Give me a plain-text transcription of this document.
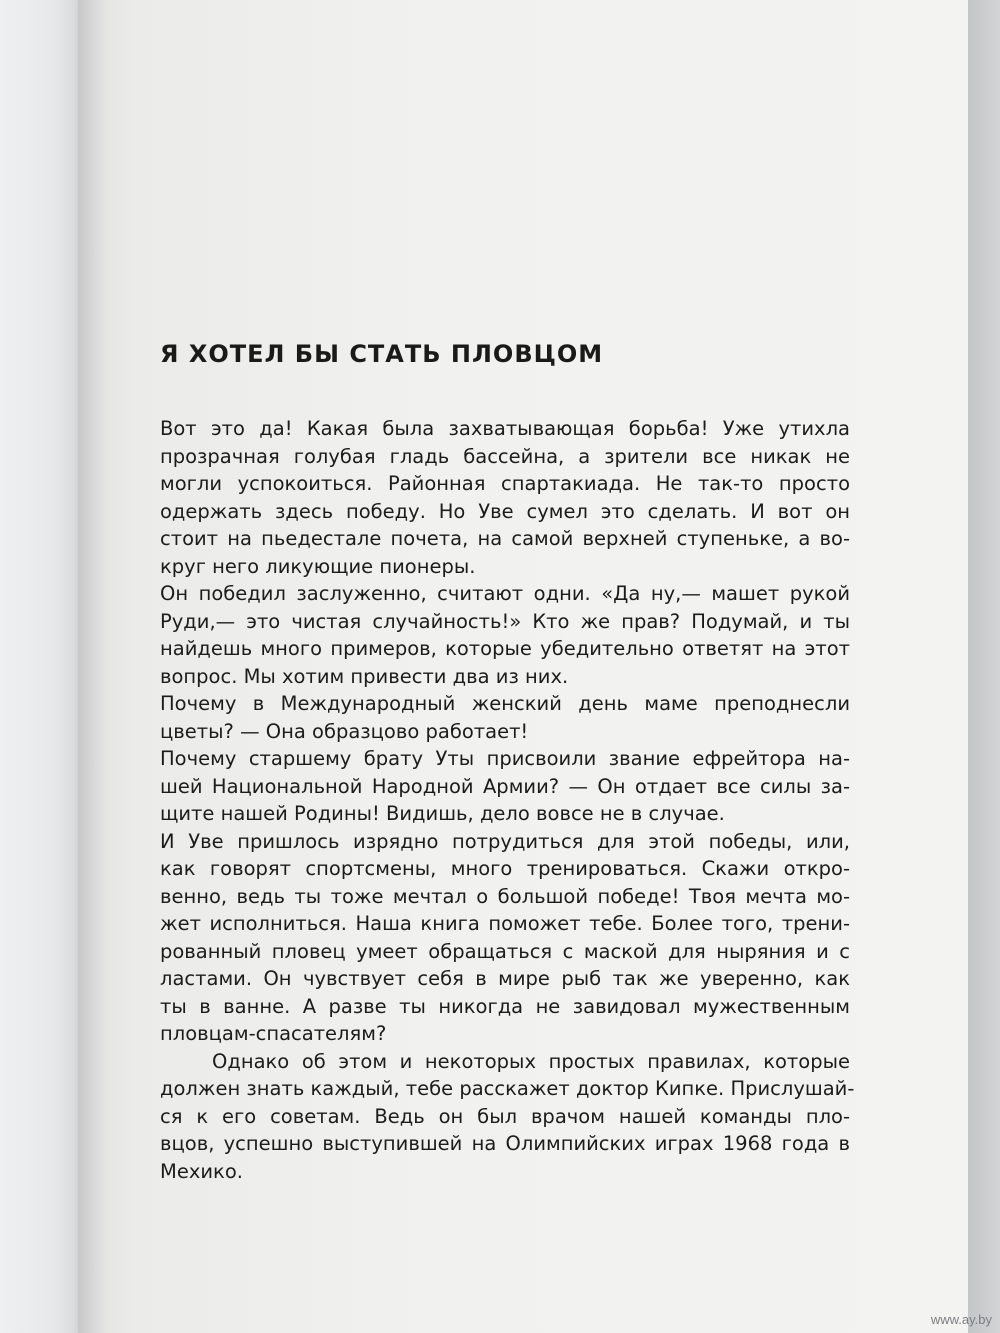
Я ХОТЕЛ БЫ СТАТЬ ПЛОВЦОМ
Вот это да! Какая была захватывающая борьба! Уже утихла
прозрачная голубая гладь бассейна, а зрители все никак не
могли успокоиться. Районная спартакиада. Не так-то просто
одержать здесь победу. Но Уве сумел это сделать. И вот он
стоит на пьедестале почета, на самой верхней ступеньке, а во-
круг него ликующие пионеры.
Он победил заслуженно, считают одни. «Да ну,— машет рукой
Руди,— это чистая случайность!» Кто же прав? Подумай, и ты
найдешь много примеров, которые убедительно ответят на этот
вопрос. Мы хотим привести два из них.
Почему в Международный женский день маме преподнесли
цветы? — Она образцово работает!
Почему старшему брату Уты присвоили звание ефрейтора на-
шей Национальной Народной Армии? — Он отдает все силы за-
щите нашей Родины! Видишь, дело вовсе не в случае.
И Уве пришлось изрядно потрудиться для этой победы, или,
как говорят спортсмены, много тренироваться. Скажи откро-
венно, ведь ты тоже мечтал о большой победе! Твоя мечта мо-
жет исполниться. Наша книга поможет тебе. Более того, трени-
рованный пловец умеет обращаться с маской для ныряния и с
ластами. Он чувствует себя в мире рыб так же уверенно, как
ты в ванне. А разве ты никогда не завидовал мужественным
пловцам-спасателям?
Однако об этом и некоторых простых правилах, которые
должен знать каждый, тебе расскажет доктор Кипке. Прислушай-
ся к его советам. Ведь он был врачом нашей команды пло-
вцов, успешно выступившей на Олимпийских играх 1968 года в
Мехико.
www.ay.by
